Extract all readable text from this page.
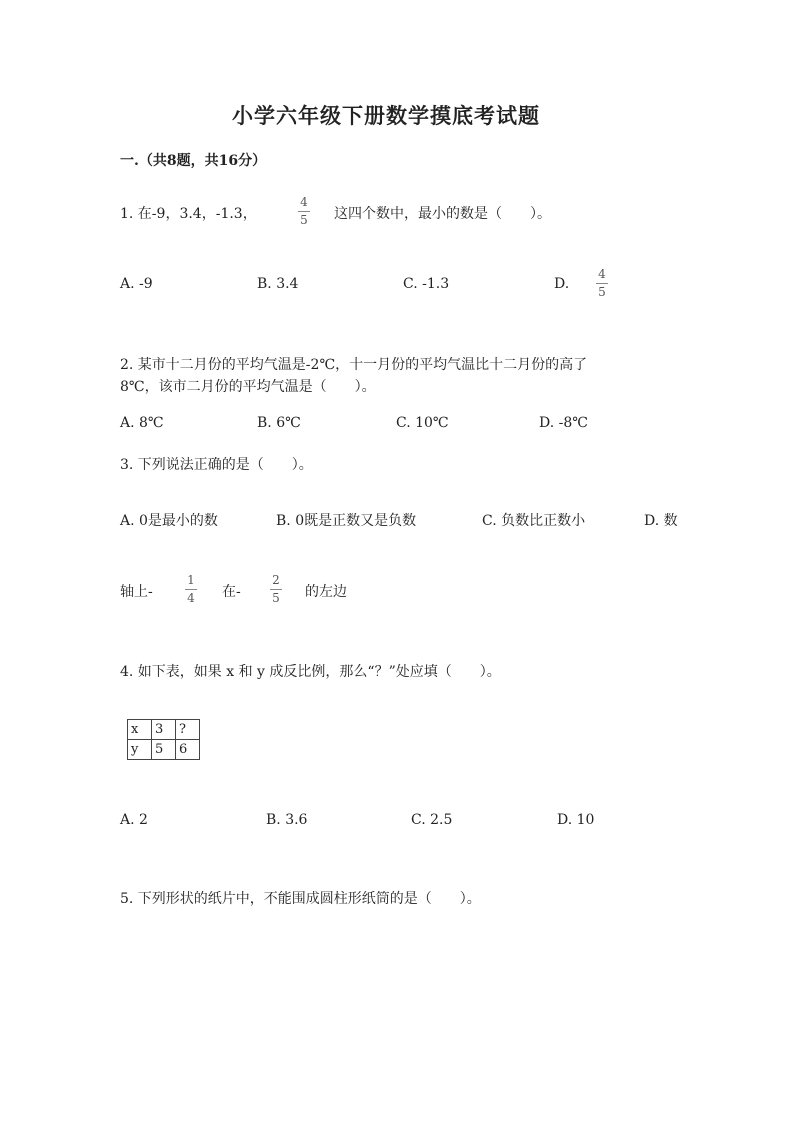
小学六年级下册数学摸底考试题
一.（共8题，共16分）
1. 在-9，3.4，-1.3，
4
5 这四个数中，最小的数是（　　）。
A. -9	B. 3.4	C. -1.3	D.
4
5
2. 某市十二月份的平均气温是-2℃，十一月份的平均气温比十二月份的高了
8℃，该市二月份的平均气温是（　　）。
A. 8℃	B. 6℃	C. 10℃	D. -8℃
3. 下列说法正确的是（　　）。
A. 0是最小的数	B. 0既是正数又是负数	C. 负数比正数小	D. 数
轴上-
1
4 在-
2
5 的左边
4. 如下表，如果 x 和 y 成反比例，那么“？”处应填（　　）。
x	3	?
y	5	6
A. 2	B. 3.6	C. 2.5	D. 10
5. 下列形状的纸片中，不能围成圆柱形纸筒的是（　　）。
